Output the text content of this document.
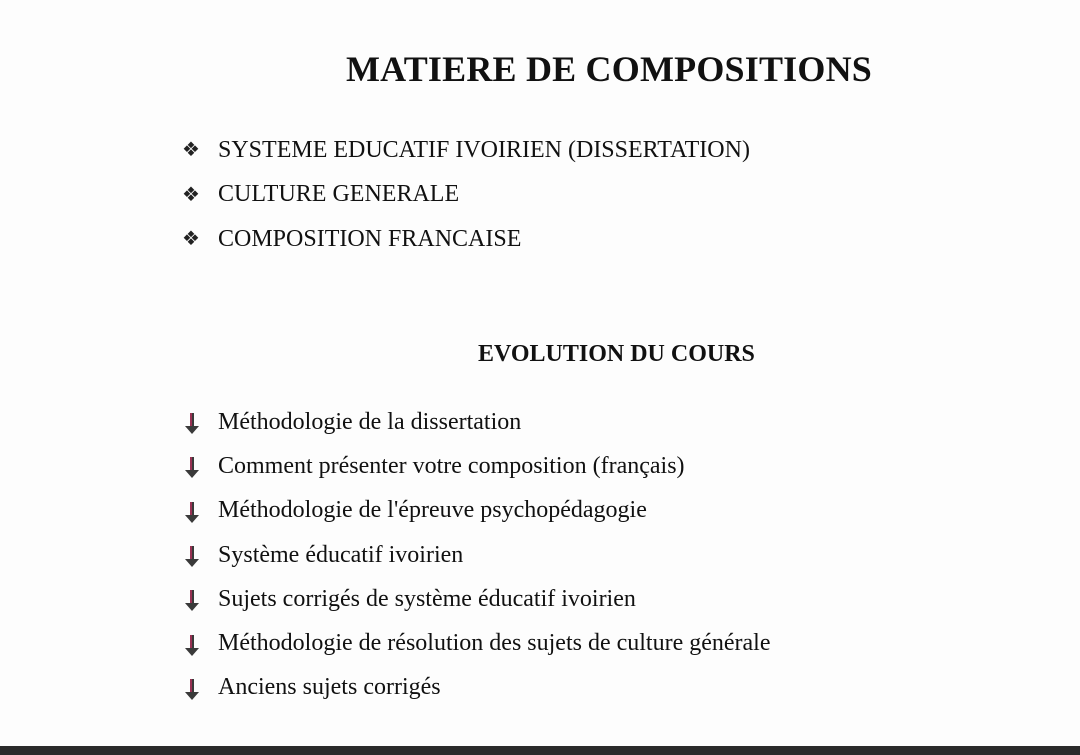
MATIERE DE COMPOSITIONS
❖ SYSTEME EDUCATIF IVOIRIEN (DISSERTATION)
❖ CULTURE GENERALE
❖ COMPOSITION FRANCAISE
EVOLUTION DU COURS
Méthodologie de la dissertation
Comment présenter votre composition (français)
Méthodologie de l'épreuve psychopédagogie
Système éducatif ivoirien
Sujets corrigés de système éducatif ivoirien
Méthodologie de résolution des sujets de culture générale
Anciens sujets corrigés
